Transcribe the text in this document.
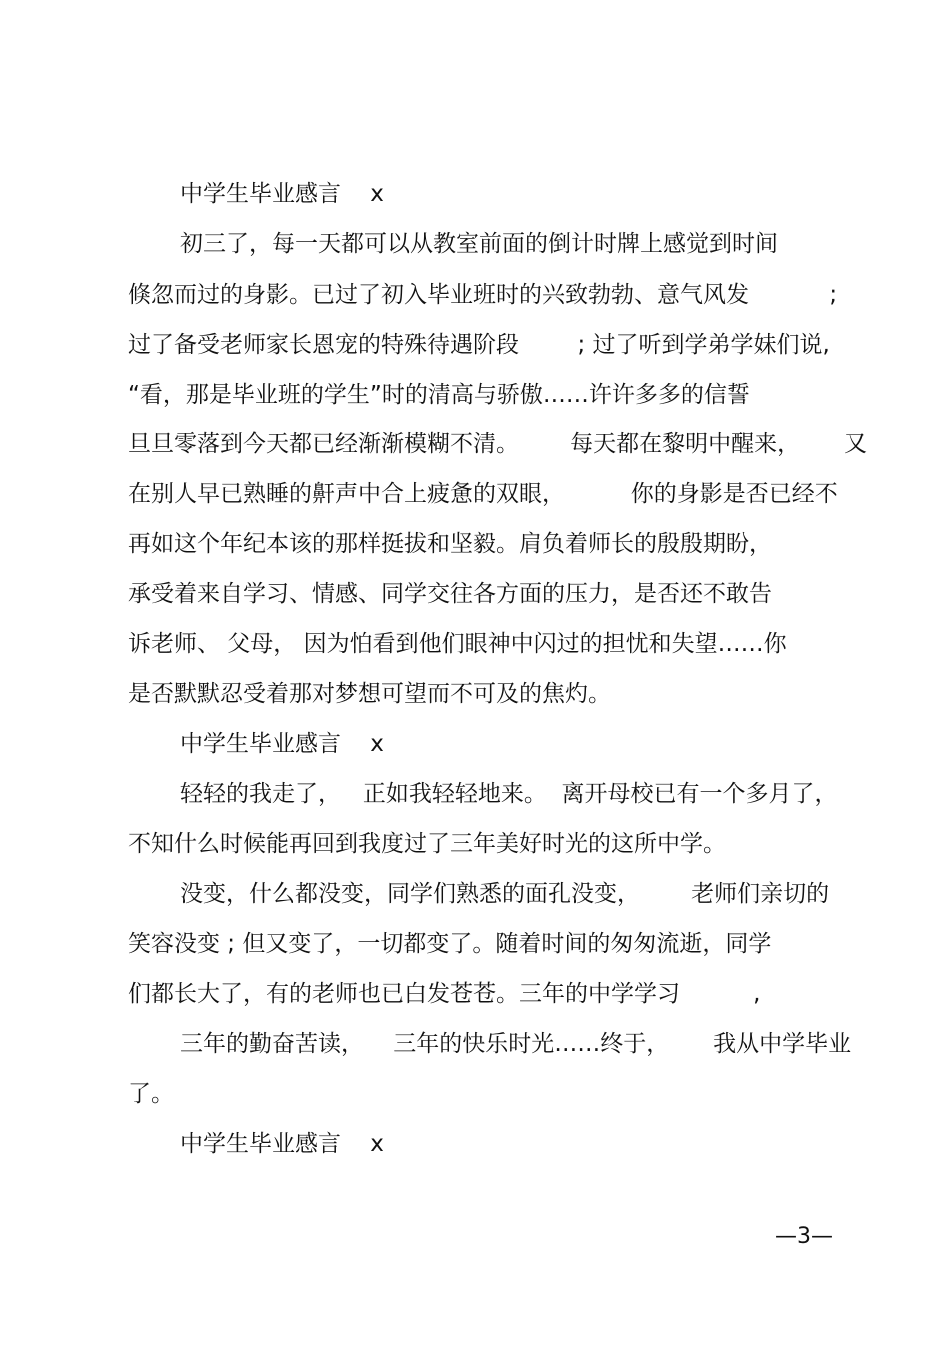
中学生毕业感言    x
初三了，每一天都可以从教室前面的倒计时牌上感觉到时间
倏忽而过的身影。已过了初入毕业班时的兴致勃勃、意气风发           ;
过了备受老师家长恩宠的特殊待遇阶段        ; 过了听到学弟学妹们说,
“看，那是毕业班的学生”时的清高与骄傲……许许多多的信誓
旦旦零落到今天都已经渐渐模糊不清。       每天都在黎明中醒来，      又
在别人早已熟睡的鼾声中合上疲惫的双眼，         你的身影是否已经不
再如这个年纪本该的那样挺拔和坚毅。肩负着师长的殷殷期盼，
承受着来自学习、情感、同学交往各方面的压力，是否还不敢告
诉老师、 父母， 因为怕看到他们眼神中闪过的担忧和失望……你
是否默默忍受着那对梦想可望而不可及的焦灼。
中学生毕业感言    x
轻轻的我走了，   正如我轻轻地来。  离开母校已有一个多月了，
不知什么时候能再回到我度过了三年美好时光的这所中学。
没变，什么都没变，同学们熟悉的面孔没变，       老师们亲切的
笑容没变 ; 但又变了，一切都变了。随着时间的匆匆流逝，同学
们都长大了，有的老师也已白发苍苍。三年的中学学习          ,
三年的勤奋苦读，    三年的快乐时光……终于，      我从中学毕业
了。
中学生毕业感言    x
—3—
